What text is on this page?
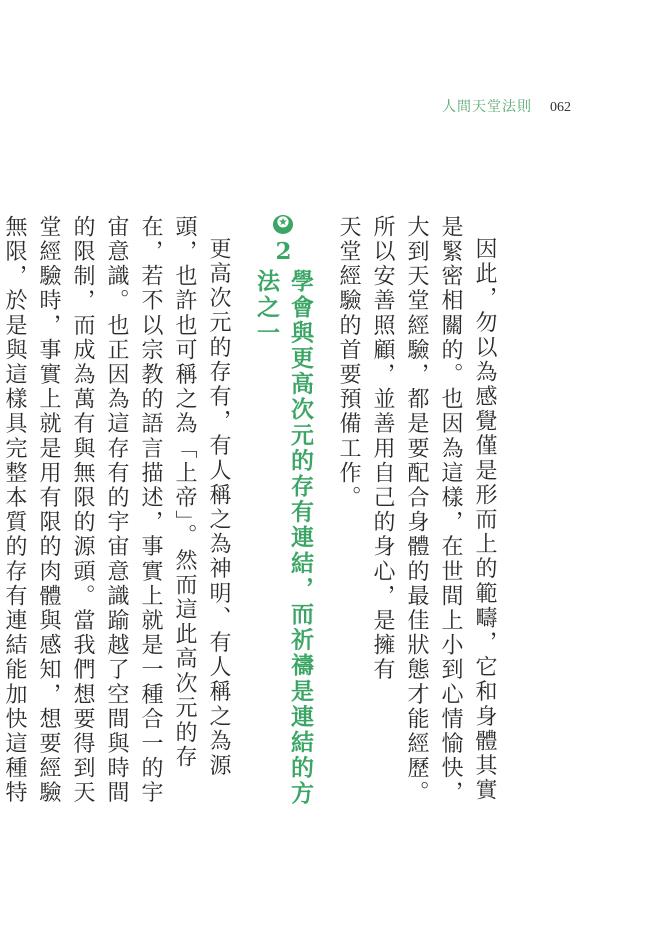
人間天堂法則 062

因此，勿以為感覺僅是形而上的範疇，它和身體其實是緊密相關的。也因為這樣，在世間上小到心情愉快，大到天堂經驗，都是要配合身體的最佳狀態才能經歷。所以安善照顧，並善用自己的身心，是擁有

天堂經驗的首要預備工作。

✪
2
學會與更高次元的存有連結，而祈禱是連結的方法之一

更高次元的存有，有人稱之為神明、有人稱之為源頭，也許也可稱之為「上帝」。然而這此高次元的存在，若不以宗教的語言描述，事實上就是一種合一的宇宙意識。也正因為這存有的宇宙意識踰越了空間與時間的限制，而成為萬有與無限的源頭。當我們想要得到天堂經驗時，事實上就是用有限的肉體與感知，想要經驗無限，於是與這樣具完整本質的存有連結能加快這種特
